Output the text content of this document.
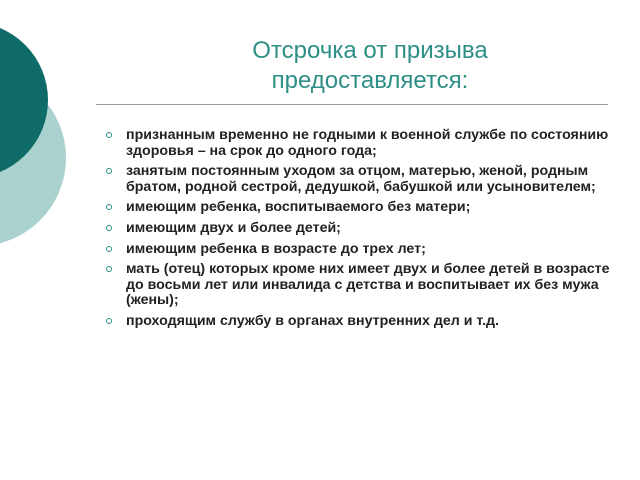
Отсрочка от призыва
предоставляется:
признанным временно не годными к военной службе по состоянию здоровья – на срок до одного года;
занятым постоянным уходом за отцом, матерью, женой, родным братом, родной сестрой, дедушкой, бабушкой или усыновителем;
имеющим ребенка, воспитываемого без матери;
имеющим двух и более детей;
имеющим ребенка в возрасте до трех лет;
мать (отец) которых кроме них имеет двух и более детей в возрасте до восьми лет или инвалида с детства и воспитывает их без мужа (жены);
проходящим службу в органах внутренних дел и т.д.
